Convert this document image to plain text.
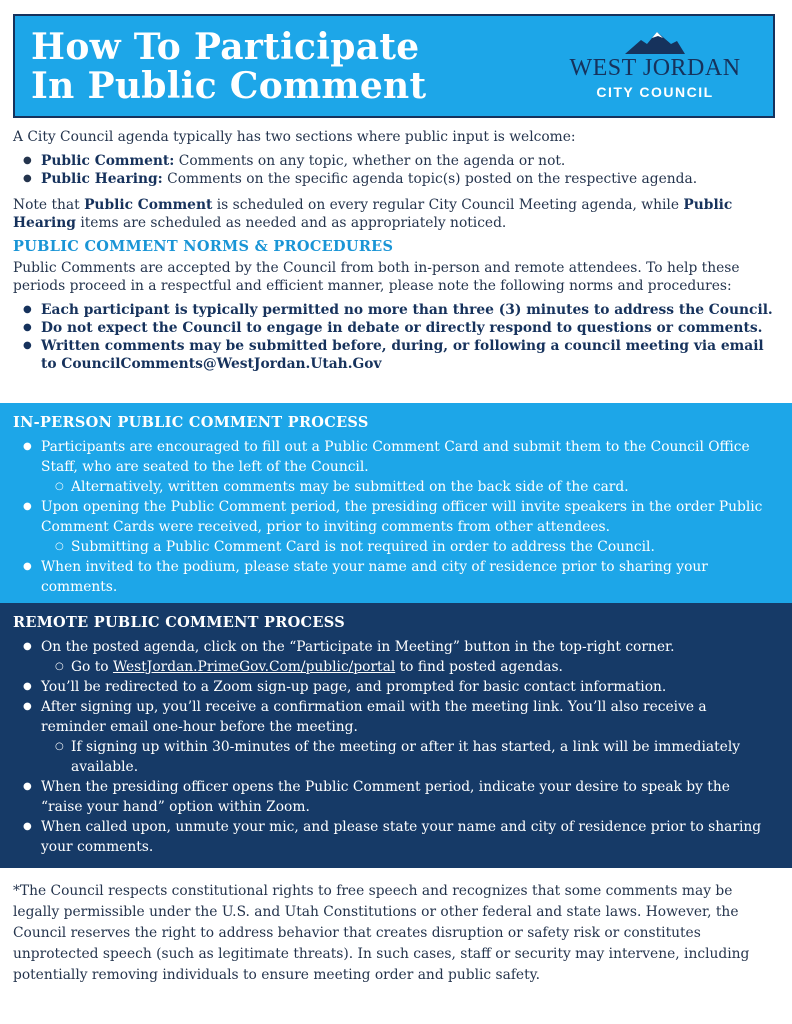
How To Participate
In Public Comment	WEST JORDAN
CITY COUNCIL

A City Council agenda typically has two sections where public input is welcome:

● Public Comment: Comments on any topic, whether on the agenda or not.
● Public Hearing: Comments on the specific agenda topic(s) posted on the respective agenda.

Note that Public Comment is scheduled on every regular City Council Meeting agenda, while Public Hearing items are scheduled as needed and as appropriately noticed.

PUBLIC COMMENT NORMS & PROCEDURES

Public Comments are accepted by the Council from both in-person and remote attendees. To help these periods proceed in a respectful and efficient manner, please note the following norms and procedures:

● Each participant is typically permitted no more than three (3) minutes to address the Council.
● Do not expect the Council to engage in debate or directly respond to questions or comments.
● Written comments may be submitted before, during, or following a council meeting via email to CouncilComments@WestJordan.Utah.Gov
IN-PERSON PUBLIC COMMENT PROCESS
● Participants are encouraged to fill out a Public Comment Card and submit them to the Council Office Staff, who are seated to the left of the Council.
○ Alternatively, written comments may be submitted on the back side of the card.
● Upon opening the Public Comment period, the presiding officer will invite speakers in the order Public Comment Cards were received, prior to inviting comments from other attendees.
○ Submitting a Public Comment Card is not required in order to address the Council.
● When invited to the podium, please state your name and city of residence prior to sharing your comments.
REMOTE PUBLIC COMMENT PROCESS
● On the posted agenda, click on the “Participate in Meeting” button in the top-right corner.
○ Go to WestJordan.PrimeGov.Com/public/portal to find posted agendas.
● You’ll be redirected to a Zoom sign-up page, and prompted for basic contact information.
● After signing up, you’ll receive a confirmation email with the meeting link. You’ll also receive a reminder email one-hour before the meeting.
○ If signing up within 30-minutes of the meeting or after it has started, a link will be immediately available.
● When the presiding officer opens the Public Comment period, indicate your desire to speak by the “raise your hand” option within Zoom.
● When called upon, unmute your mic, and please state your name and city of residence prior to sharing your comments.
*The Council respects constitutional rights to free speech and recognizes that some comments may be legally permissible under the U.S. and Utah Constitutions or other federal and state laws. However, the Council reserves the right to address behavior that creates disruption or safety risk or constitutes unprotected speech (such as legitimate threats). In such cases, staff or security may intervene, including potentially removing individuals to ensure meeting order and public safety.
